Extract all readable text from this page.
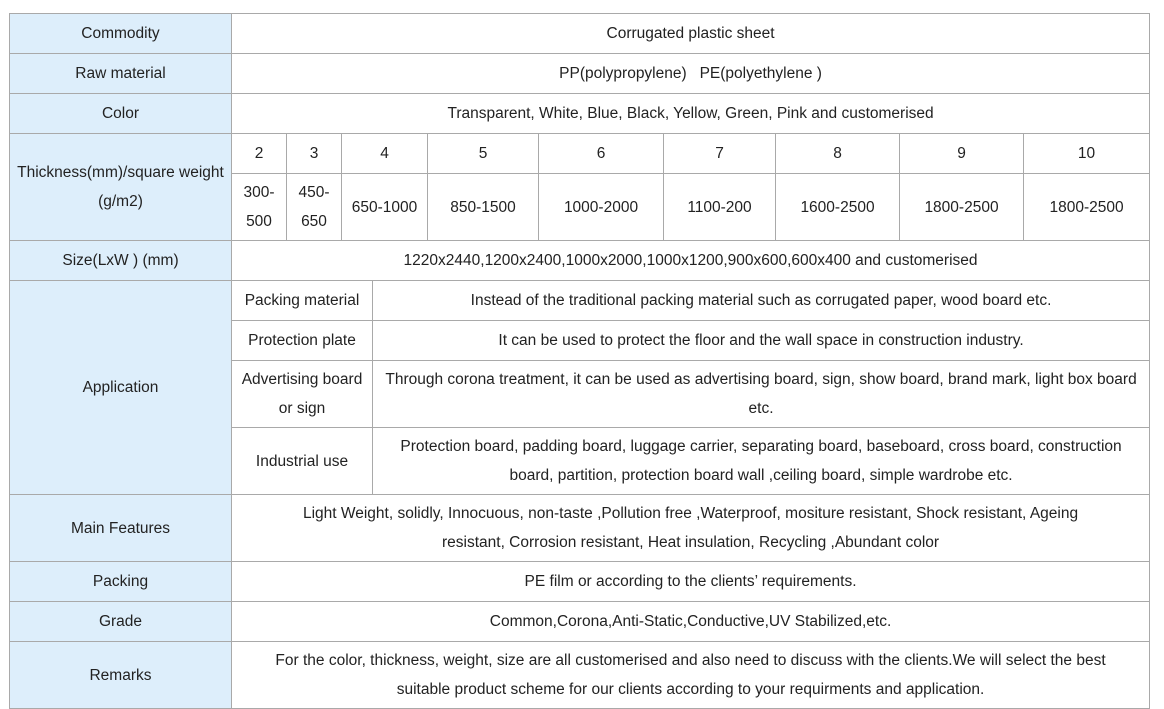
Commodity	Corrugated plastic sheet									
Raw material	PP(polypropylene)   PE(polyethylene )									
Color	Transparent, White, Blue, Black, Yellow, Green, Pink and customerised									
Thickness(mm)/square weight (g/m2)	2	3	4		5	6	7	8	9	10
	300-500	450-650	650-1000		850-1500	1000-2000	1100-200	1600-2500	1800-2500	1800-2500
Size(LxW ) (mm)	1220x2440,1200x2400,1000x2000,1000x1200,900x600,600x400 and customerised									
Application	Packing material			Instead of the traditional packing material such as corrugated paper, wood board etc.						
	Protection plate			It can be used to protect the floor and the wall space in construction industry.						
	Advertising board or sign			Through corona treatment, it can be used as advertising board, sign, show board, brand mark, light box board etc.						
	Industrial use			Protection board, padding board, luggage carrier, separating board, baseboard, cross board, construction board, partition, protection board wall ,ceiling board, simple wardrobe etc.						
Main Features	Light Weight, solidly, Innocuous, non-taste ,Pollution free ,Waterproof, mositure resistant, Shock resistant, Ageing resistant, Corrosion resistant, Heat insulation, Recycling ,Abundant color									
Packing	PE film or according to the clients’ requirements.									
Grade	Common,Corona,Anti-Static,Conductive,UV Stabilized,etc.									
Remarks	For the color, thickness, weight, size are all customerised and also need to discuss with the clients.We will select the best suitable product scheme for our clients according to your requirments and application.									
